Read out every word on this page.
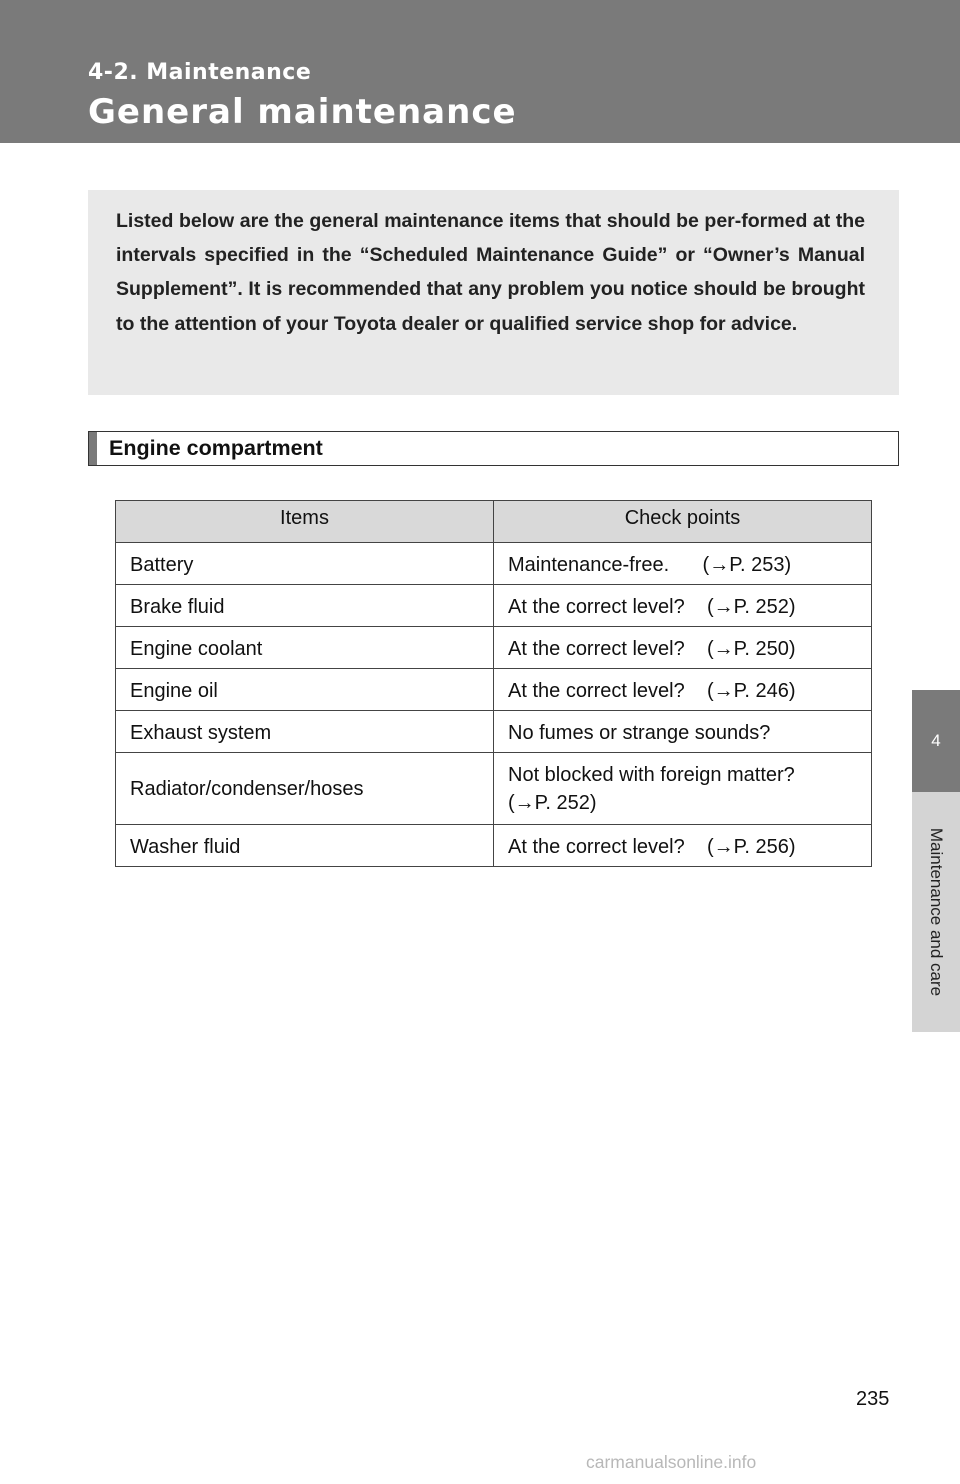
4-2. Maintenance
General maintenance
4
Maintenance and care

Listed below are the general maintenance items that should be per-formed at the intervals specified in the “Scheduled Maintenance Guide” or “Owner’s Manual Supplement”. It is recommended that any problem you notice should be brought to the attention of your Toyota dealer or qualified service shop for advice.

Engine compartment
Items	Check points
Battery	Maintenance-free.      (→P. 253)
Brake fluid	At the correct level?    (→P. 252)
Engine coolant	At the correct level?    (→P. 250)
Engine oil	At the correct level?    (→P. 246)
Exhaust system	No fumes or strange sounds?
Radiator/condenser/hoses	Not blocked with foreign matter?
(→P. 252)
Washer fluid	At the correct level?    (→P. 256)
235
carmanualsonline.info
